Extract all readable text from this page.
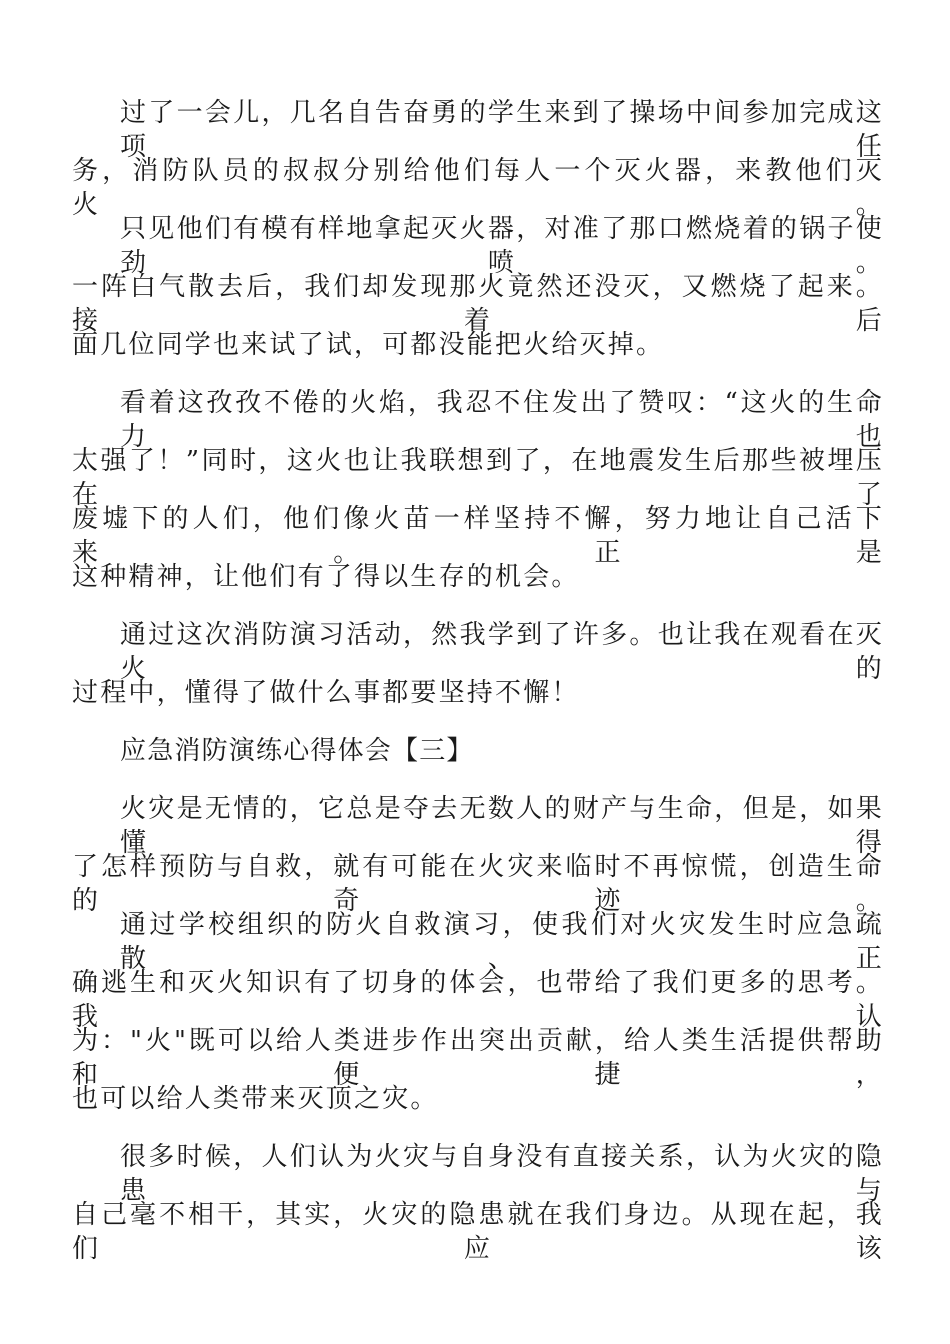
过了一会儿，几名自告奋勇的学生来到了操场中间参加完成这项任
务，消防队员的叔叔分别给他们每人一个灭火器，来教他们灭火。
只见他们有模有样地拿起灭火器，对准了那口燃烧着的锅子使劲喷。
一阵白气散去后，我们却发现那火竟然还没灭，又燃烧了起来。接着后
面几位同学也来试了试，可都没能把火给灭掉。
看着这孜孜不倦的火焰，我忍不住发出了赞叹：“这火的生命力也
太强了！”同时，这火也让我联想到了，在地震发生后那些被埋压在了
废墟下的人们，他们像火苗一样坚持不懈，努力地让自己活下来。正是
这种精神，让他们有了得以生存的机会。
通过这次消防演习活动，然我学到了许多。也让我在观看在灭火的
过程中，懂得了做什么事都要坚持不懈！
应急消防演练心得体会【三】
火灾是无情的，它总是夺去无数人的财产与生命，但是，如果懂得
了怎样预防与自救，就有可能在火灾来临时不再惊慌，创造生命的奇迹。
通过学校组织的防火自救演习，使我们对火灾发生时应急疏散、正
确逃生和灭火知识有了切身的体会，也带给了我们更多的思考。我认
为："火"既可以给人类进步作出突出贡献，给人类生活提供帮助和便捷，
也可以给人类带来灭顶之灾。
很多时候，人们认为火灾与自身没有直接关系，认为火灾的隐患与
自己毫不相干，其实，火灾的隐患就在我们身边。从现在起，我们应该
